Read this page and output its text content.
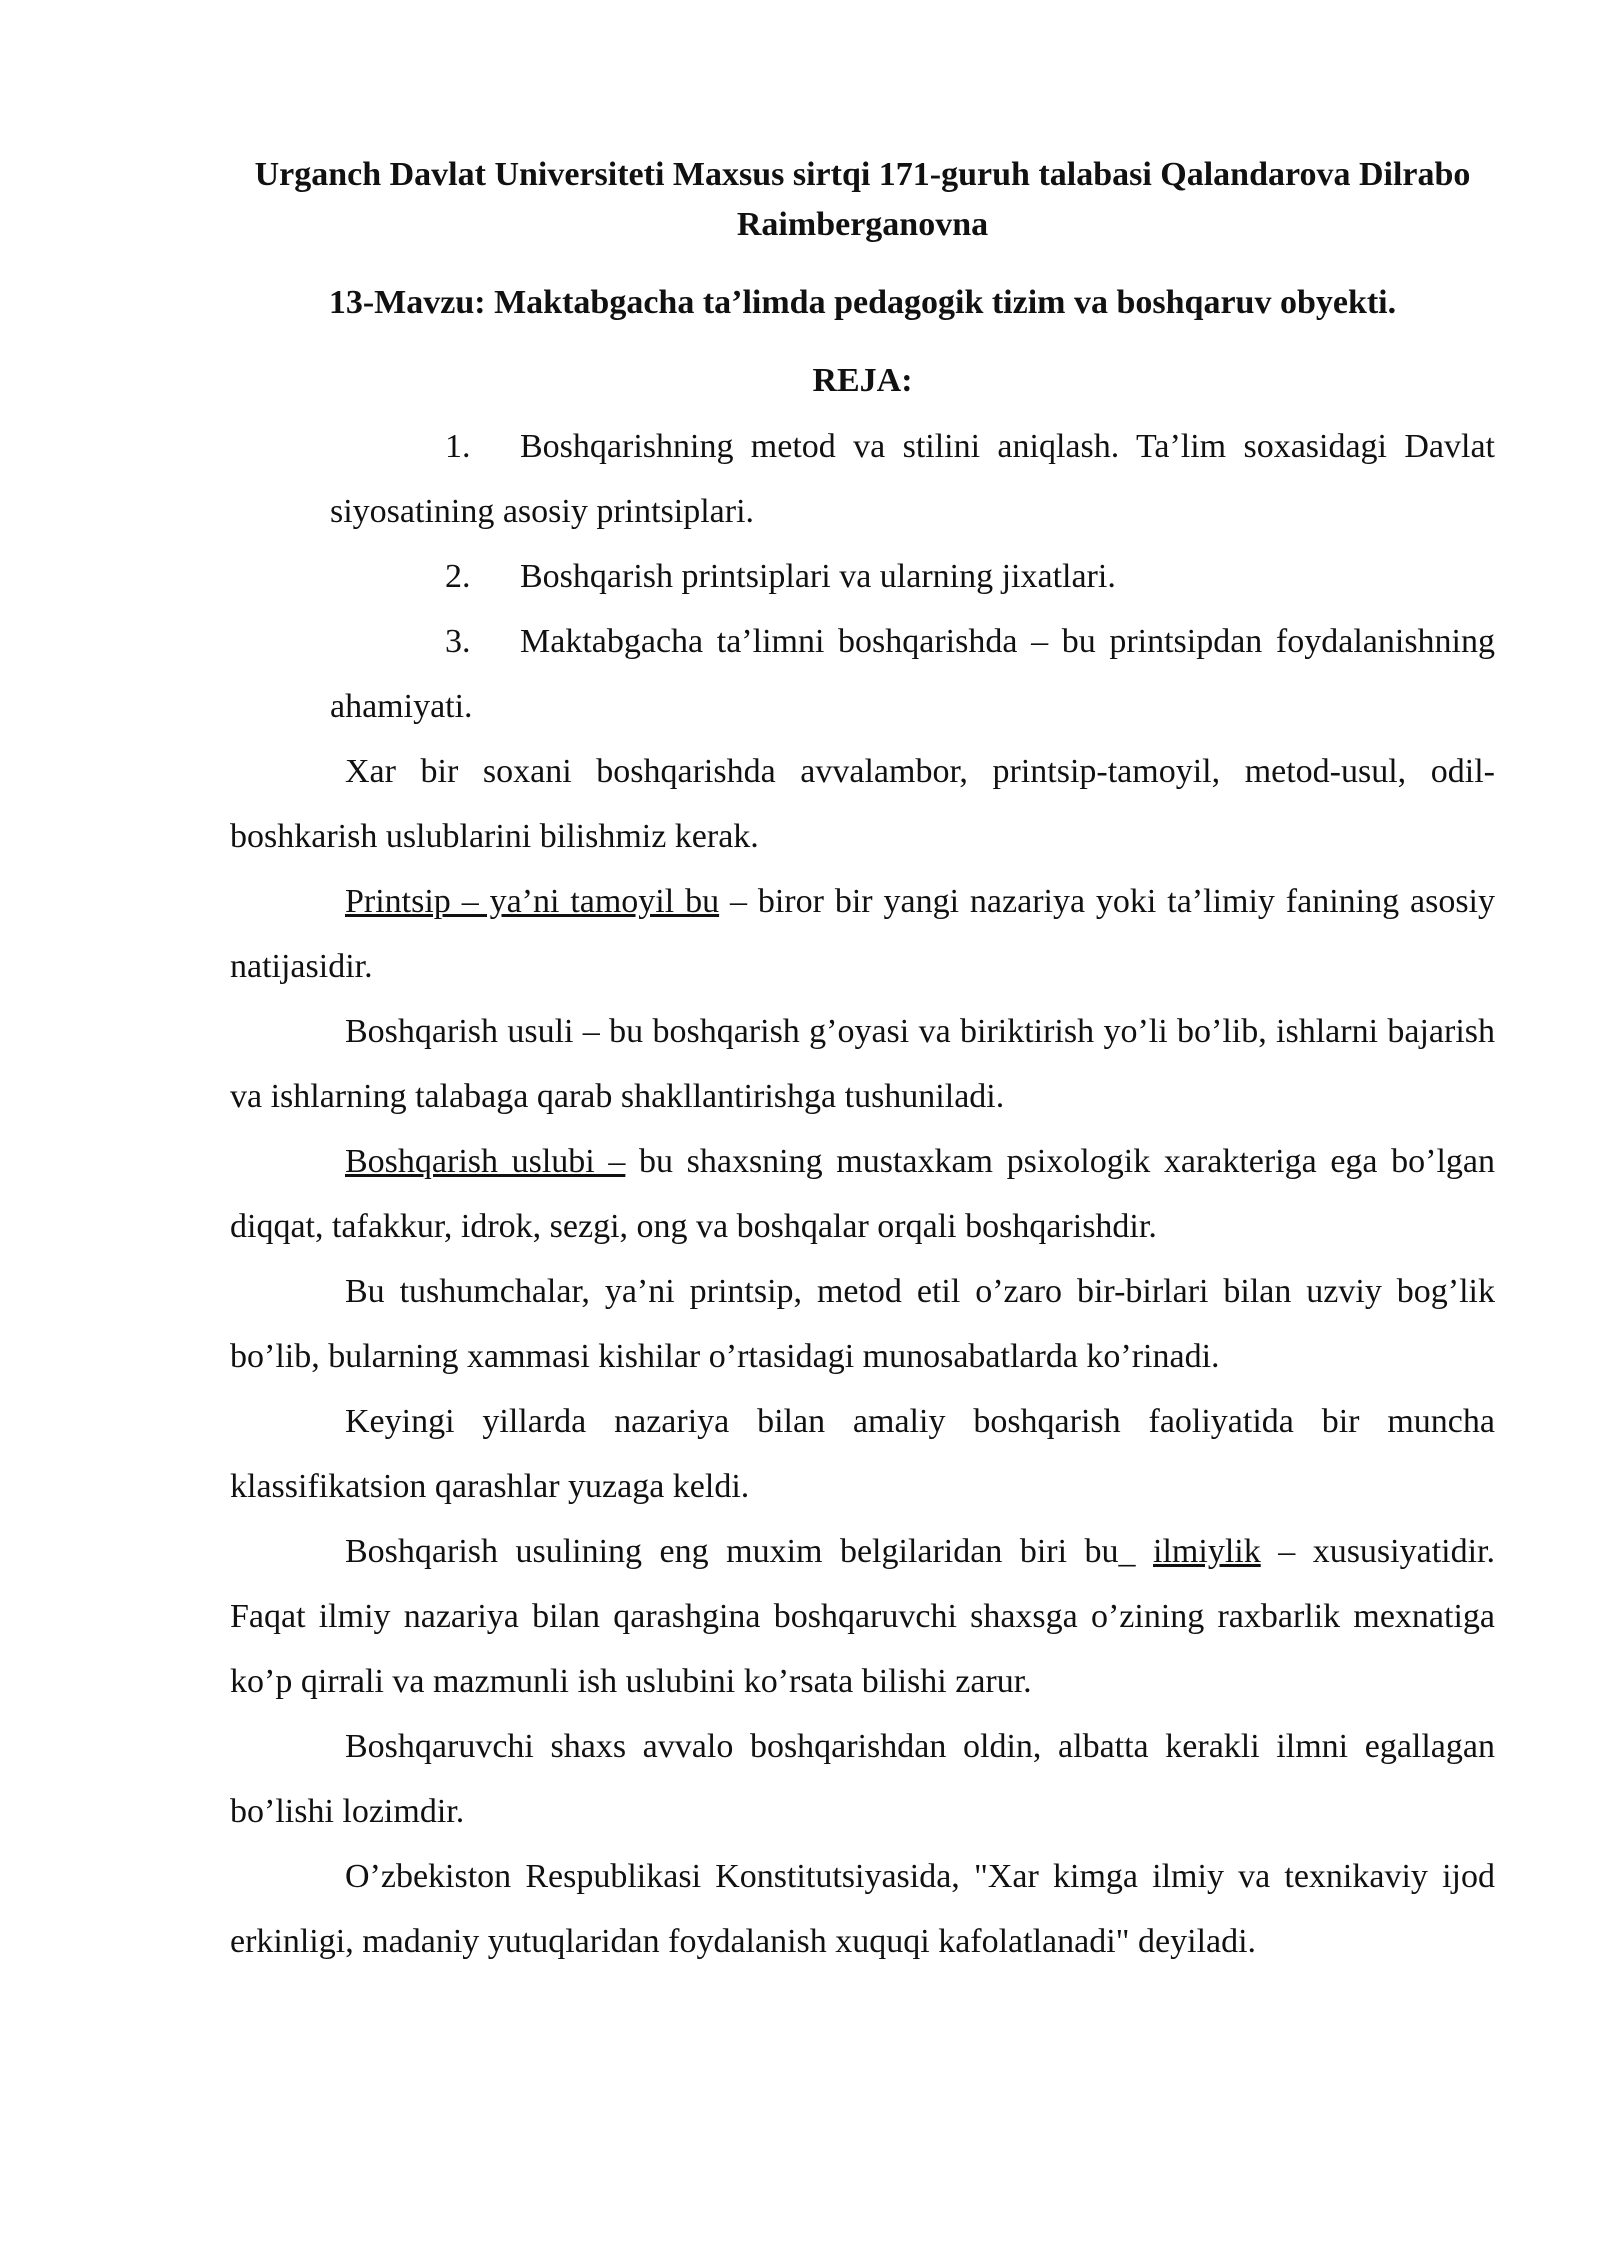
Urganch Davlat Universiteti Maxsus sirtqi 171-guruh talabasi Qalandarova Dilrabo Raimberganovna

13-Mavzu: Maktabgacha ta’limda pedagogik tizim va boshqaruv obyekti.

REJA:

1. Boshqarishning metod va stilini aniqlash. Ta’lim soxasidagi Davlat siyosatining asosiy printsiplari.
2. Boshqarish printsiplari va ularning jixatlari.
3. Maktabgacha ta’limni boshqarishda – bu printsipdan foydalanishning ahamiyati.

Xar bir soxani boshqarishda avvalambor, printsip-tamoyil, metod-usul, odil-boshkarish uslublarini bilishmiz kerak.

Printsip – ya’ni tamoyil bu – biror bir yangi nazariya yoki ta’limiy fanining asosiy natijasidir.

Boshqarish usuli – bu boshqarish g’oyasi va biriktirish yo’li bo’lib, ishlarni bajarish va ishlarning talabaga qarab shakllantirishga tushuniladi.

Boshqarish uslubi – bu shaxsning mustaxkam psixologik xarakteriga ega bo’lgan diqqat, tafakkur, idrok, sezgi, ong va boshqalar orqali boshqarishdir.

Bu tushumchalar, ya’ni printsip, metod etil o’zaro bir-birlari bilan uzviy bog’lik bo’lib, bularning xammasi kishilar o’rtasidagi munosabatlarda ko’rinadi.

Keyingi yillarda nazariya bilan amaliy boshqarish faoliyatida bir muncha klassifikatsion qarashlar yuzaga keldi.

Boshqarish usulining eng muxim belgilaridan biri bu_ ilmiylik – xususiyatidir. Faqat ilmiy nazariya bilan qarashgina boshqaruvchi shaxsga o’zining raxbarlik mexnatiga ko’p qirrali va mazmunli ish uslubini ko’rsata bilishi zarur.

Boshqaruvchi shaxs avvalo boshqarishdan oldin, albatta kerakli ilmni egallagan bo’lishi lozimdir.

O’zbekiston Respublikasi Konstitutsiyasida, "Xar kimga ilmiy va texnikaviy ijod erkinligi, madaniy yutuqlaridan foydalanish xuquqi kafolatlanadi" deyiladi.
